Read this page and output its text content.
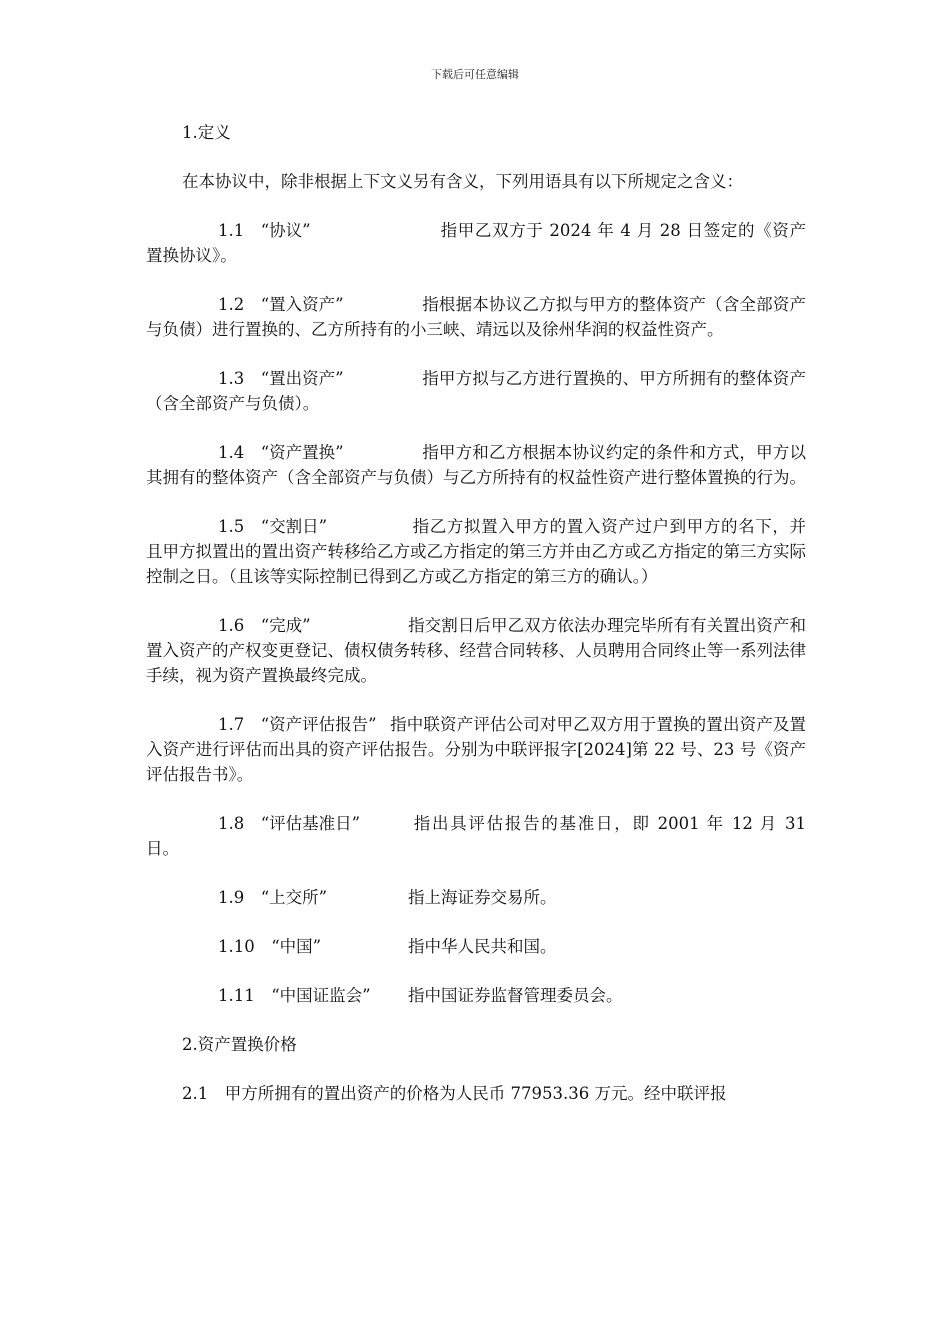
下载后可任意编辑

1.定义

在本协议中，除非根据上下文义另有含义，下列用语具有以下所规定之含义：

1.1　“协议”	指甲乙双方于 2024 年 4 月 28 日签定的《资产置换协议》。

1.2　“置入资产”	指根据本协议乙方拟与甲方的整体资产（含全部资产与负债）进行置换的、乙方所持有的小三峡、靖远以及徐州华润的权益性资产。

1.3　“置出资产”	指甲方拟与乙方进行置换的、甲方所拥有的整体资产（含全部资产与负债）。

1.4　“资产置换”	指甲方和乙方根据本协议约定的条件和方式，甲方以其拥有的整体资产（含全部资产与负债）与乙方所持有的权益性资产进行整体置换的行为。

1.5　“交割日”	指乙方拟置入甲方的置入资产过户到甲方的名下，并且甲方拟置出的置出资产转移给乙方或乙方指定的第三方并由乙方或乙方指定的第三方实际控制之日。（且该等实际控制已得到乙方或乙方指定的第三方的确认。）

1.6　“完成”	指交割日后甲乙双方依法办理完毕所有有关置出资产和置入资产的产权变更登记、债权债务转移、经营合同转移、人员聘用合同终止等一系列法律手续，视为资产置换最终完成。

1.7　“资产评估报告” 指中联资产评估公司对甲乙双方用于置换的置出资产及置入资产进行评估而出具的资产评估报告。分别为中联评报字[2024]第 22 号、23 号《资产评估报告书》。

1.8　“评估基准日”	指出具评估报告的基准日，即 2001 年 12 月 31 日。

1.9　“上交所”	指上海证券交易所。

1.10　“中国”	指中华人民共和国。

1.11　“中国证监会” 指中国证券监督管理委员会。

2.资产置换价格

2.1　甲方所拥有的置出资产的价格为人民币 77953.36 万元。经中联评报
